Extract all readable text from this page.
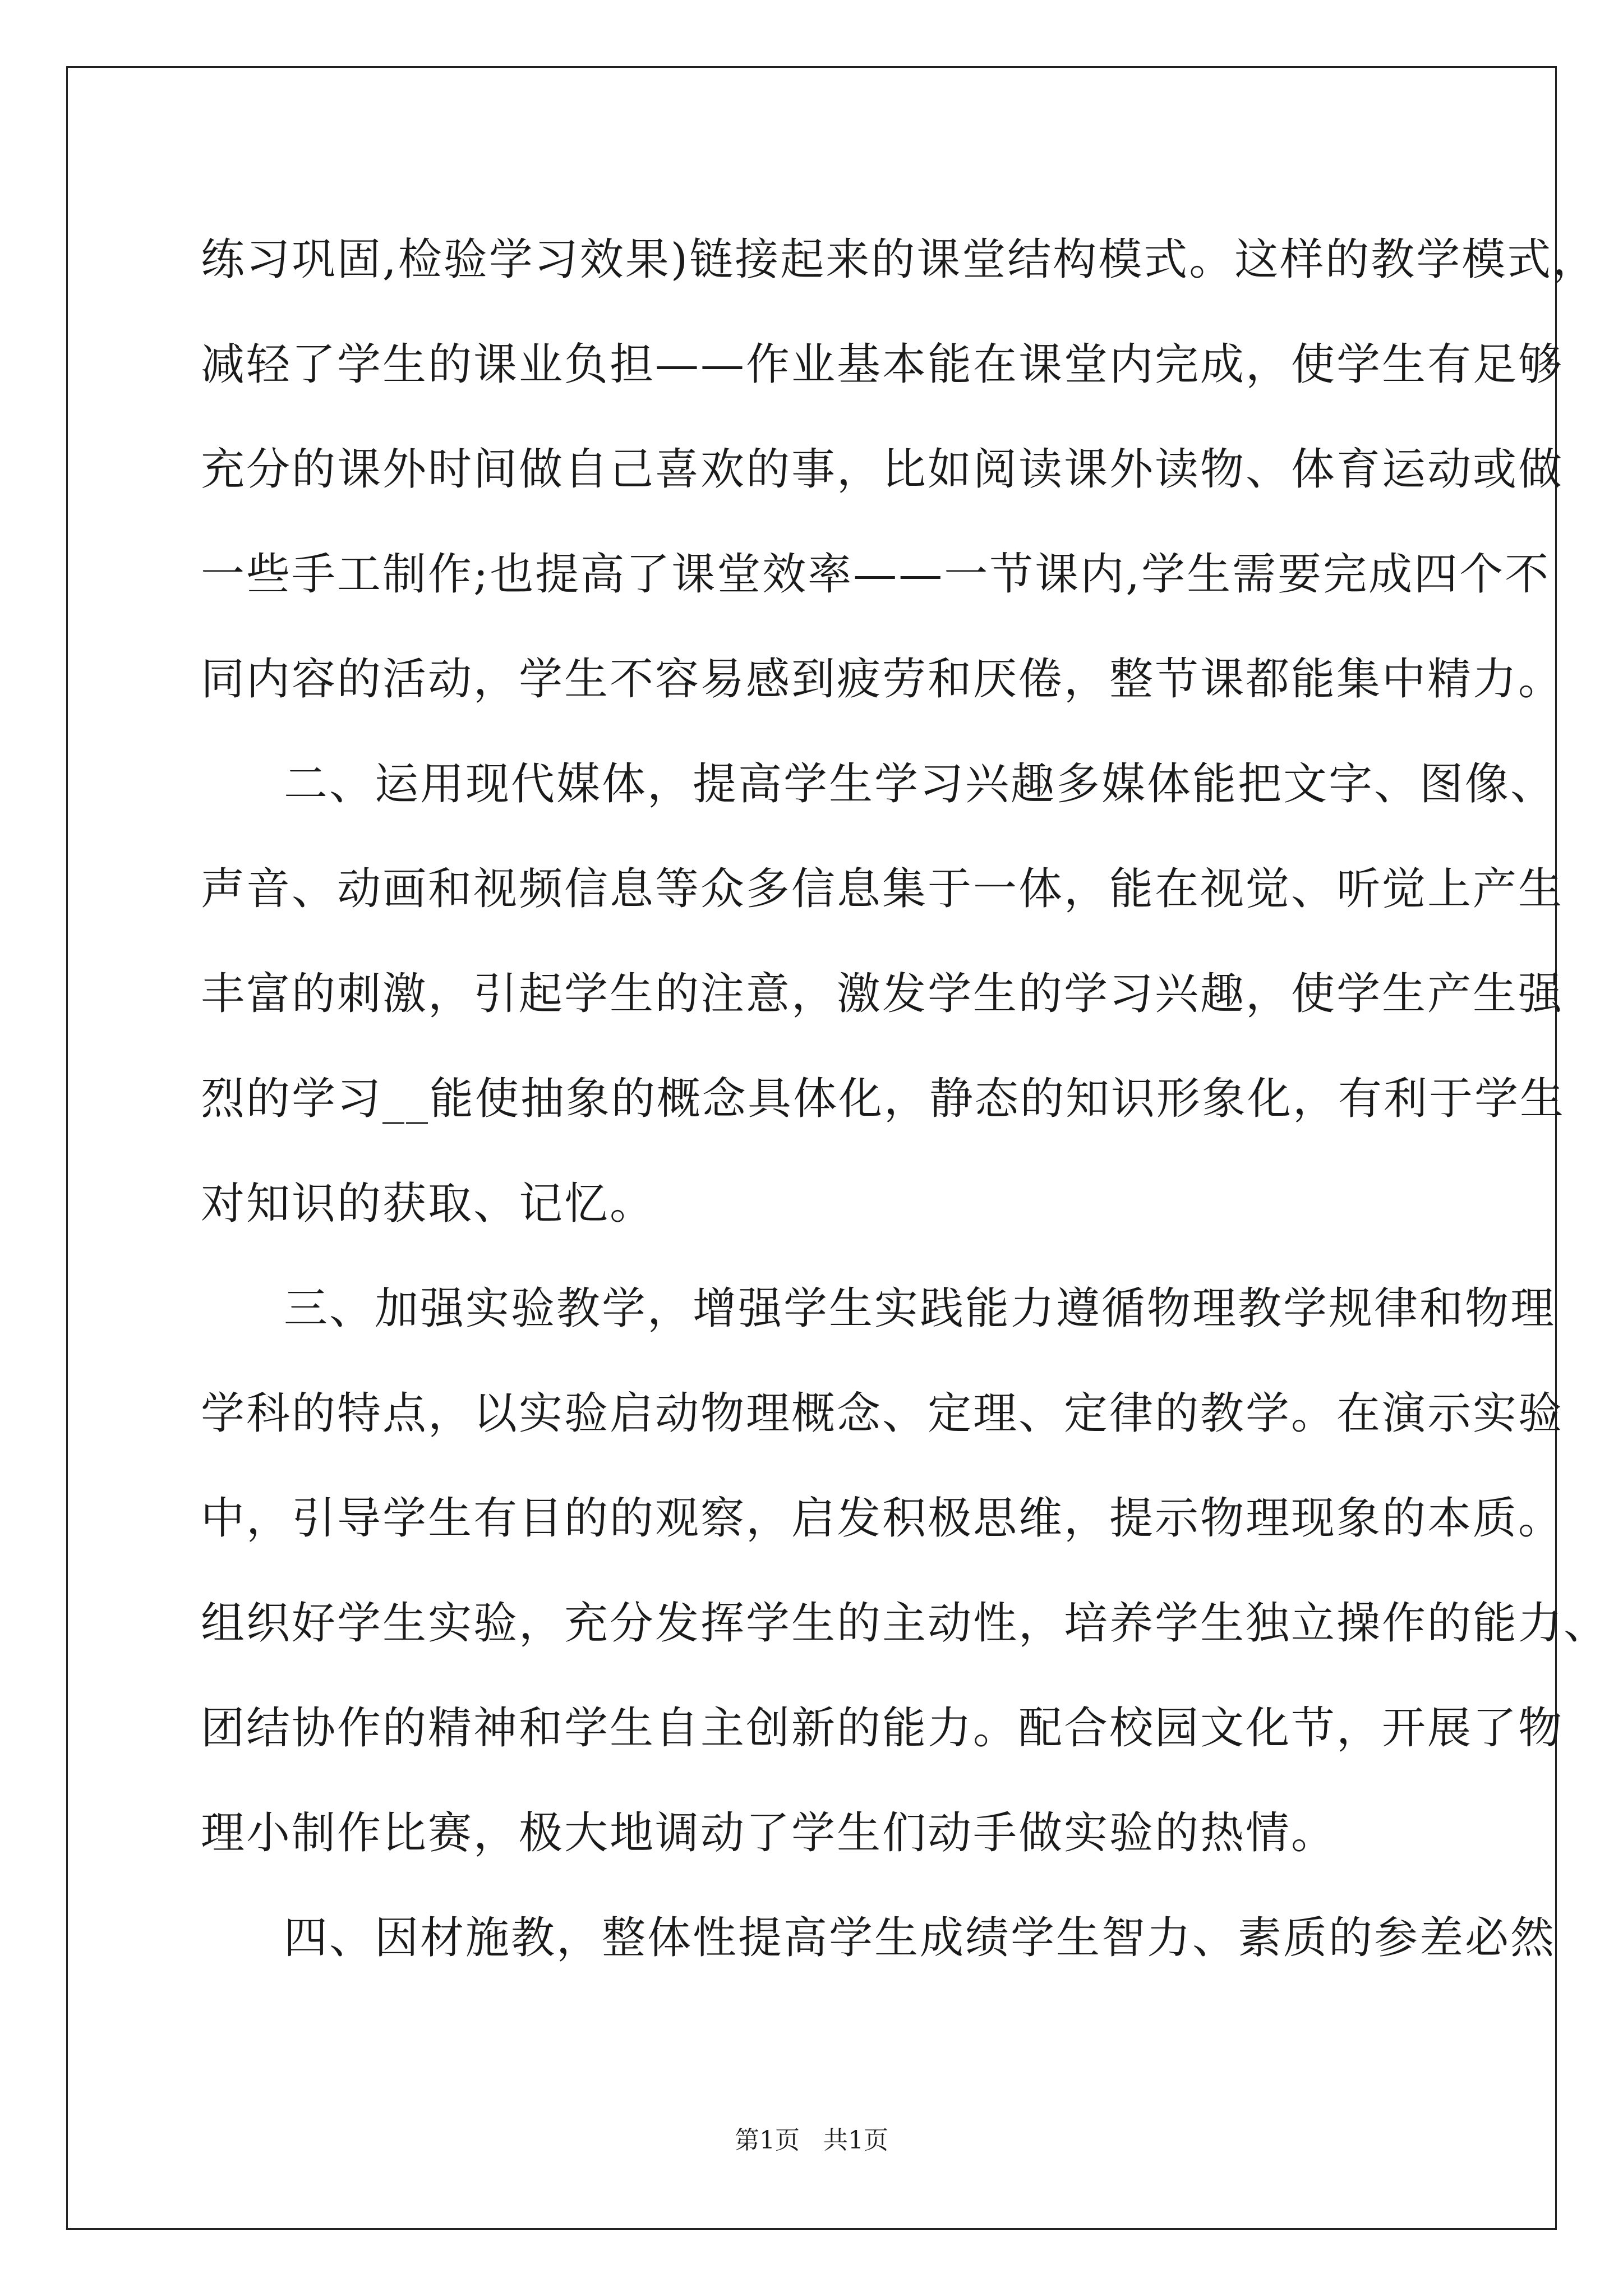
练习巩固,检验学习效果)链接起来的课堂结构模式。这样的教学模式，
减轻了学生的课业负担——作业基本能在课堂内完成，使学生有足够
充分的课外时间做自己喜欢的事，比如阅读课外读物、体育运动或做
一些手工制作;也提高了课堂效率——一节课内,学生需要完成四个不
同内容的活动，学生不容易感到疲劳和厌倦，整节课都能集中精力。
二、运用现代媒体，提高学生学习兴趣多媒体能把文字、图像、
声音、动画和视频信息等众多信息集于一体，能在视觉、听觉上产生
丰富的刺激，引起学生的注意，激发学生的学习兴趣，使学生产生强
烈的学习__能使抽象的概念具体化，静态的知识形象化，有利于学生
对知识的获取、记忆。
三、加强实验教学，增强学生实践能力遵循物理教学规律和物理
学科的特点，以实验启动物理概念、定理、定律的教学。在演示实验
中，引导学生有目的的观察，启发积极思维，提示物理现象的本质。
组织好学生实验，充分发挥学生的主动性，培养学生独立操作的能力、
团结协作的精神和学生自主创新的能力。配合校园文化节，开展了物
理小制作比赛，极大地调动了学生们动手做实验的热情。
四、因材施教，整体性提高学生成绩学生智力、素质的参差必然
第1页   共1页
